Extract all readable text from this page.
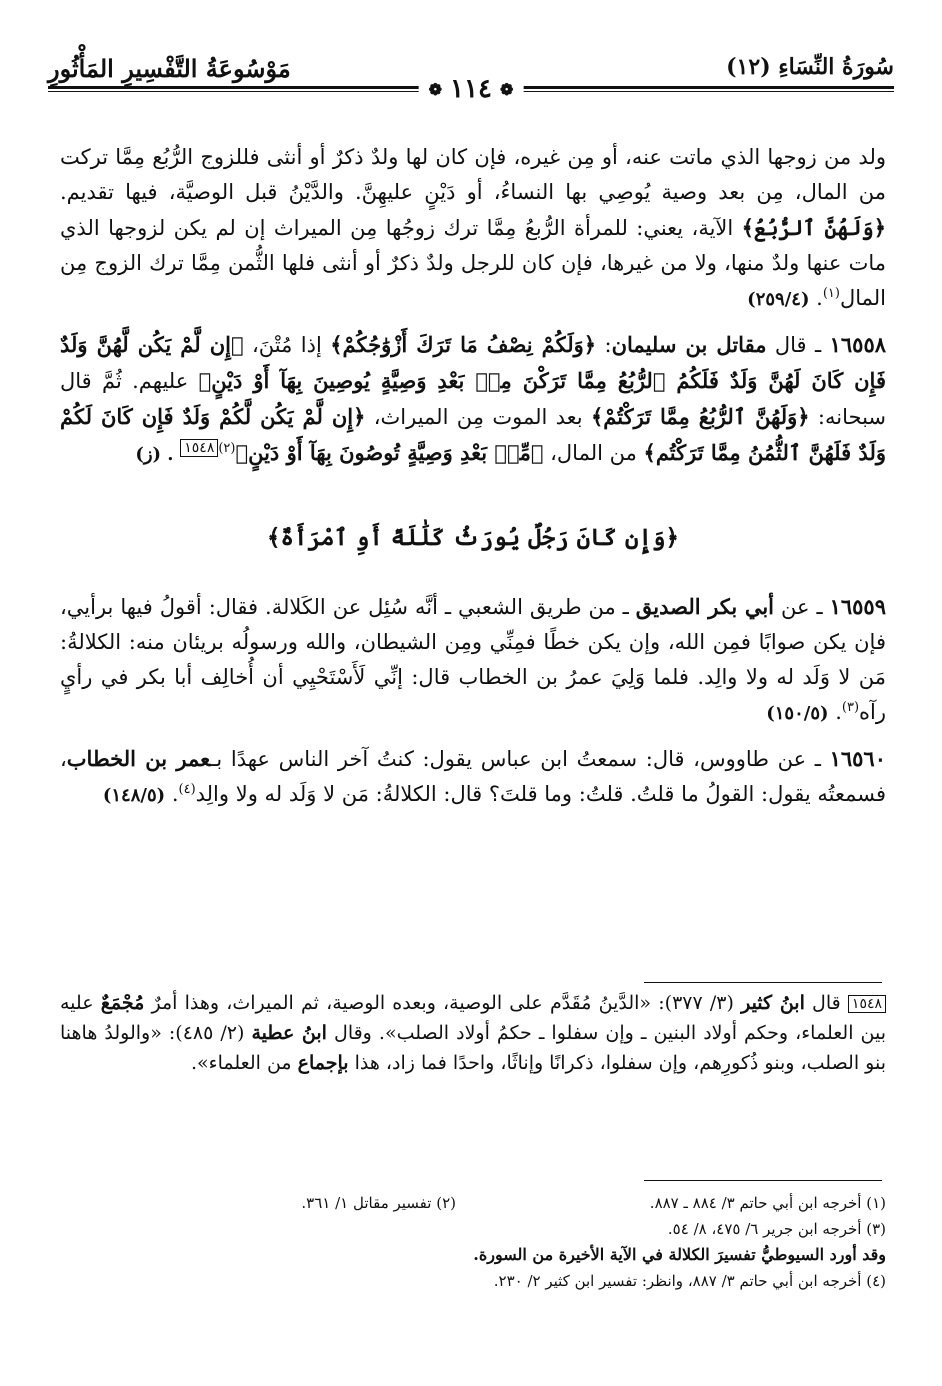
مَوْسُوعَةُ التَّفْسِيرِ المَأْثُورِ	سُورَةُ النِّسَاءِ (١٢)
❁ ١١٤ ❁

ولد من زوجها الذي ماتت عنه، أو مِن غيره، فإن كان لها ولدٌ ذكرٌ أو أنثى فللزوج الرُّبُع مِمَّا تركت من المال، مِن بعد وصية يُوصِي بها النساءُ، أو دَيْنٍ عليهِنَّ. والدَّيْنُ قبل الوصيَّة، فيها تقديم. ﴿وَلَهُنَّ ٱلرُّبُعُ﴾ الآية، يعني: للمرأة الرُّبعُ مِمَّا ترك زوجُها مِن الميراث إن لم يكن لزوجها الذي مات عنها ولدٌ منها، ولا من غيرها، فإن كان للرجل ولدٌ ذكرٌ أو أنثى فلها الثُّمن مِمَّا ترك الزوج مِن المال$^{(١)}$. (٢٥٩/٤)

١٦٥٥٨ ـ قال مقاتل بن سليمان: ﴿وَلَكُمْ نِصْفُ مَا تَرَكَ أَزْوَٰجُكُمْ﴾ إذا مُتْنَ، ﴿إِن لَّمْ يَكُن لَّهُنَّ وَلَدٌ فَإِن كَانَ لَهُنَّ وَلَدٌ فَلَكُمُ ٱلرُّبُعُ مِمَّا تَرَكْنَ مِنۢ بَعْدِ وَصِيَّةٍ يُوصِينَ بِهَآ أَوْ دَيْنٍ﴾ عليهم. ثُمَّ قال سبحانه: ﴿وَلَهُنَّ ٱلرُّبُعُ مِمَّا تَرَكْتُمْ﴾ بعد الموت مِن الميراث، ﴿إِن لَّمْ يَكُن لَّكُمْ وَلَدٌ فَإِن كَانَ لَكُمْ وَلَدٌ فَلَهُنَّ ٱلثُّمُنُ مِمَّا تَرَكْتُم﴾ من المال، ﴿مِّنۢ بَعْدِ وَصِيَّةٍ تُوصُونَ بِهَآ أَوْ دَيْنٍ﴾$^{(٢)}$١٥٤٨ . (ز)

﴿وَإِن كَانَ رَجُلٌ يُورَثُ كَلَٰلَةً أَوِ ٱمْرَأَةٌ﴾

١٦٥٥٩ ـ عن أبي بكر الصديق ـ من طريق الشعبي ـ أنَّه سُئِل عن الكَلالة. فقال: أقولُ فيها برأيي، فإن يكن صوابًا فمِن الله، وإن يكن خطًا فمِنِّي ومِن الشيطان، والله ورسولُه بريئان منه: الكلالةُ: مَن لا وَلَد له ولا والِد. فلما وَلِيَ عمرُ بن الخطاب قال: إنِّي لَأَسْتَحْيِي أن أُخالِف أبا بكر في رأيٍ رآه$^{(٣)}$. (١٥٠/٥)

١٦٥٦٠ ـ عن طاووس، قال: سمعتُ ابن عباس يقول: كنتُ آخر الناس عهدًا بـعمر بن الخطاب، فسمعتُه يقول: القولُ ما قلتُ. قلتُ: وما قلتَ؟ قال: الكلالةُ: مَن لا وَلَد له ولا والِد$^{(٤)}$. (١٤٨/٥)

١٥٤٨ قال ابنُ كثير (٣/ ٣٧٧): «الدَّينُ مُقَدَّم على الوصية، وبعده الوصية، ثم الميراث، وهذا أمرٌ مُجْمَعٌ عليه بين العلماء، وحكم أولاد البنين ـ وإن سفلوا ـ حكمُ أولاد الصلب». وقال ابنُ عطية (٢/ ٤٨٥): «والولدُ هاهنا بنو الصلب، وبنو ذُكورِهم، وإن سفلوا، ذكرانًا وإناثًا، واحدًا فما زاد، هذا بإجماع من العلماء».
(١) أخرجه ابن أبي حاتم ٣/ ٨٨٤ ـ ٨٨٧.
(٢) تفسير مقاتل ١/ ٣٦١.
(٣) أخرجه ابن جرير ٦/ ٤٧٥، ٨/ ٥٤.
وقد أورد السيوطيُّ تفسيرَ الكلالة في الآية الأخيرة من السورة.
(٤) أخرجه ابن أبي حاتم ٣/ ٨٨٧، وانظر: تفسير ابن كثير ٢/ ٢٣٠.
